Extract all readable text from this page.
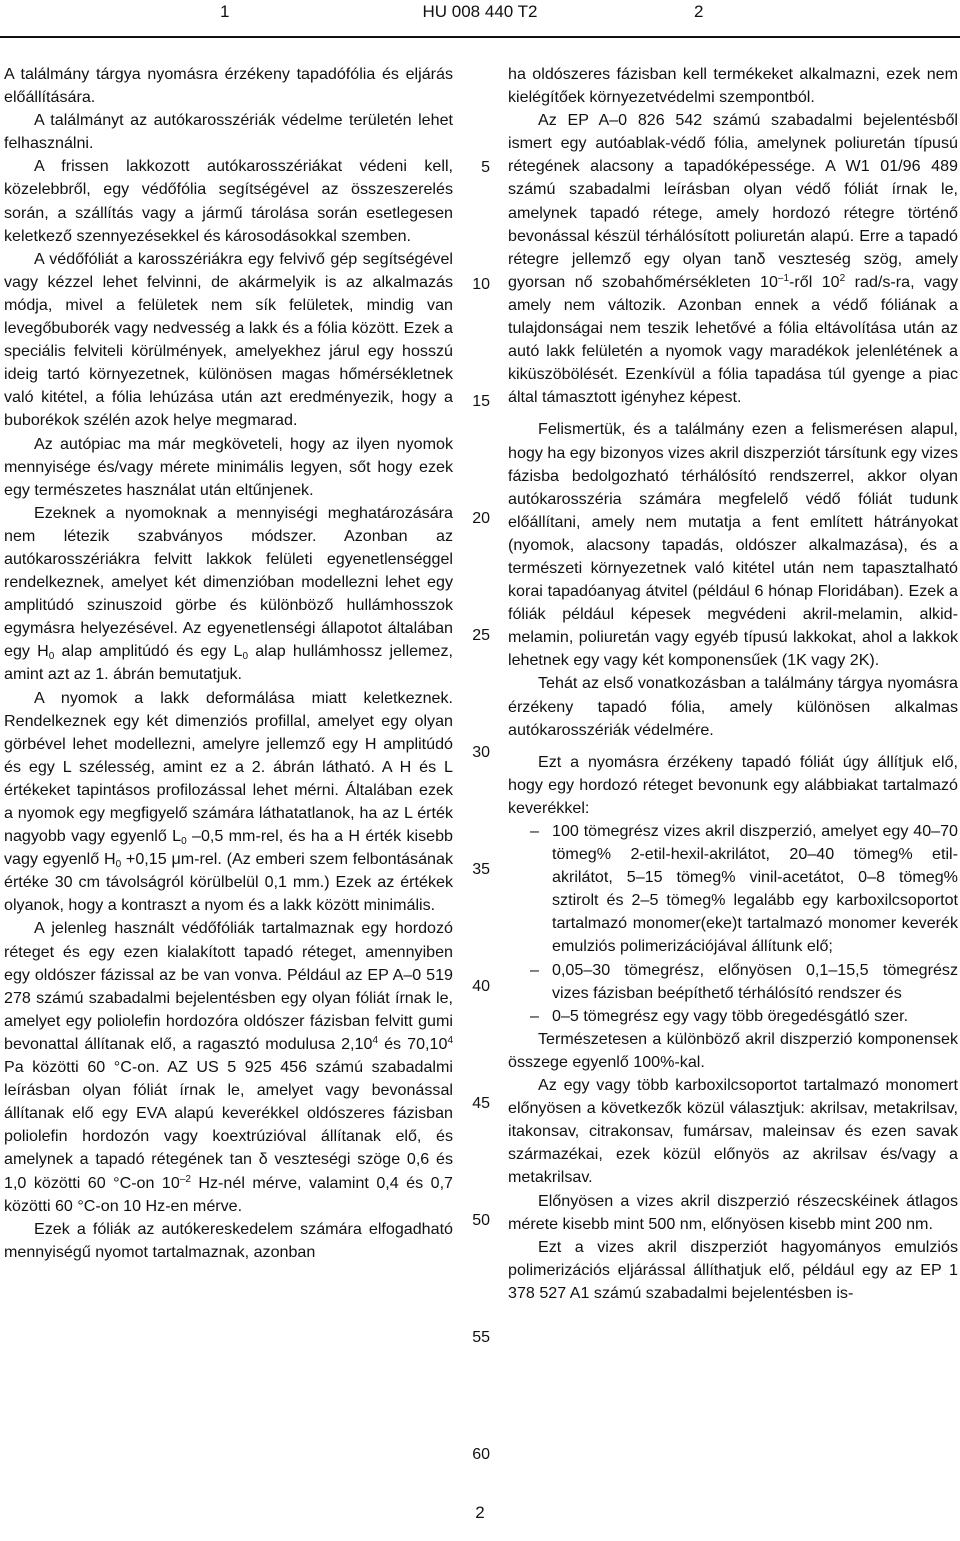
1	HU 008 440 T2	2

A találmány tárgya nyomásra érzékeny tapadófólia és eljárás előállítására.

A találmányt az autókarosszériák védelme területén lehet felhasználni.

A frissen lakkozott autókarosszériákat védeni kell, közelebbről, egy védőfólia segítségével az összeszerelés során, a szállítás vagy a jármű tárolása során esetlegesen keletkező szennyezésekkel és károsodásokkal szemben.

A védőfóliát a karosszériákra egy felvivő gép segítségével vagy kézzel lehet felvinni, de akármelyik is az alkalmazás módja, mivel a felületek nem sík felületek, mindig van levegőbuborék vagy nedvesség a lakk és a fólia között. Ezek a speciális felviteli körülmények, amelyekhez járul egy hosszú ideig tartó környezetnek, különösen magas hőmérsékletnek való kitétel, a fólia lehúzása után azt eredményezik, hogy a buborékok szélén azok helye megmarad.

Az autópiac ma már megköveteli, hogy az ilyen nyomok mennyisége és/vagy mérete minimális legyen, sőt hogy ezek egy természetes használat után eltűnjenek.

Ezeknek a nyomoknak a mennyiségi meghatározására nem létezik szabványos módszer. Azonban az autókarosszériákra felvitt lakkok felületi egyenetlenséggel rendelkeznek, amelyet két dimenzióban modellezni lehet egy amplitúdó szinuszoid görbe és különböző hullámhosszok egymásra helyezésével. Az egyenetlenségi állapotot általában egy $H_0$ alap amplitúdó és egy $L_0$ alap hullámhossz jellemez, amint azt az 1. ábrán bemutatjuk.

A nyomok a lakk deformálása miatt keletkeznek. Rendelkeznek egy két dimenziós profillal, amelyet egy olyan görbével lehet modellezni, amelyre jellemző egy H amplitúdó és egy L szélesség, amint ez a 2. ábrán látható. A H és L értékeket tapintásos profilozással lehet mérni. Általában ezek a nyomok egy megfigyelő számára láthatatlanok, ha az L érték nagyobb vagy egyenlő $L_0$ –0,5 mm-rel, és ha a H érték kisebb vagy egyenlő $H_0 +0,15$ μm-rel. (Az emberi szem felbontásának értéke 30 cm távolságról körülbelül 0,1 mm.) Ezek az értékek olyanok, hogy a kontraszt a nyom és a lakk között minimális.

A jelenleg használt védőfóliák tartalmaznak egy hordozó réteget és egy ezen kialakított tapadó réteget, amennyiben egy oldószer fázissal az be van vonva. Például az EP A–0 519 278 számú szabadalmi bejelentésben egy olyan fóliát írnak le, amelyet egy poliolefin hordozóra oldószer fázisban felvitt gumi bevonattal állítanak elő, a ragasztó modulusa 2,10$^4$ és 70,10$^4$ Pa közötti 60 °C-on. AZ US 5 925 456 számú szabadalmi leírásban olyan fóliát írnak le, amelyet vagy bevonással állítanak elő egy EVA alapú keverékkel oldószeres fázisban poliolefin hordozón vagy koextrúzióval állítanak elő, és amelynek a tapadó rétegének tan δ veszteségi szöge 0,6 és 1,0 közötti 60 °C-on $10^{-2}$ Hz-nél mérve, valamint 0,4 és 0,7 közötti 60 °C-on 10 Hz-en mérve.

Ezek a fóliák az autókereskedelem számára elfogadható mennyiségű nyomot tartalmaznak, azonban

5
10
15
20
25
30
35
40
45
50
55
60

ha oldószeres fázisban kell termékeket alkalmazni, ezek nem kielégítőek környezetvédelmi szempontból.

Az EP A–0 826 542 számú szabadalmi bejelentésből ismert egy autóablak-védő fólia, amelynek poliuretán típusú rétegének alacsony a tapadóképessége. A W1 01/96 489 számú szabadalmi leírásban olyan védő fóliát írnak le, amelynek tapadó rétege, amely hordozó rétegre történő bevonással készül térhálósított poliuretán alapú. Erre a tapadó rétegre jellemző egy olyan tanδ veszteség szög, amely gyorsan nő szobahőmérsékleten $10^{-1}$-ről $10^2$ rad/s-ra, vagy amely nem változik. Azonban ennek a védő fóliának a tulajdonságai nem teszik lehetővé a fólia eltávolítása után az autó lakk felületén a nyomok vagy maradékok jelenlétének a kiküszöbölését. Ezenkívül a fólia tapadása túl gyenge a piac által támasztott igényhez képest.

Felismertük, és a találmány ezen a felismerésen alapul, hogy ha egy bizonyos vizes akril diszperziót társítunk egy vizes fázisba bedolgozható térhálósító rendszerrel, akkor olyan autókarosszéria számára megfelelő védő fóliát tudunk előállítani, amely nem mutatja a fent említett hátrányokat (nyomok, alacsony tapadás, oldószer alkalmazása), és a természeti környezetnek való kitétel után nem tapasztalható korai tapadóanyag átvitel (például 6 hónap Floridában). Ezek a fóliák például képesek megvédeni akril-melamin, alkid-melamin, poliuretán vagy egyéb típusú lakkokat, ahol a lakkok lehetnek egy vagy két komponensűek (1K vagy 2K).

Tehát az első vonatkozásban a találmány tárgya nyomásra érzékeny tapadó fólia, amely különösen alkalmas autókarosszériák védelmére.

Ezt a nyomásra érzékeny tapadó fóliát úgy állítjuk elő, hogy egy hordozó réteget bevonunk egy alábbiakat tartalmazó keverékkel:

– 100 tömegrész vizes akril diszperzió, amelyet egy 40–70 tömeg% 2-etil-hexil-akrilátot, 20–40 tömeg% etil-akrilátot, 5–15 tömeg% vinil-acetátot, 0–8 tömeg% sztirolt és 2–5 tömeg% legalább egy karboxilcsoportot tartalmazó monomer(eke)t tartalmazó monomer keverék emulziós polimerizációjával állítunk elő;
– 0,05–30 tömegrész, előnyösen 0,1–15,5 tömegrész vizes fázisban beépíthető térhálósító rendszer és
– 0–5 tömegrész egy vagy több öregedésgátló szer.

Természetesen a különböző akril diszperzió komponensek összege egyenlő 100%-kal.

Az egy vagy több karboxilcsoportot tartalmazó monomert előnyösen a következők közül választjuk: akrilsav, metakrilsav, itakonsav, citrakonsav, fumársav, maleinsav és ezen savak származékai, ezek közül előnyös az akrilsav és/vagy a metakrilsav.

Előnyösen a vizes akril diszperzió részecskéinek átlagos mérete kisebb mint 500 nm, előnyösen kisebb mint 200 nm.

Ezt a vizes akril diszperziót hagyományos emulziós polimerizációs eljárással állíthatjuk elő, például egy az EP 1 378 527 A1 számú szabadalmi bejelentésben is-

2
